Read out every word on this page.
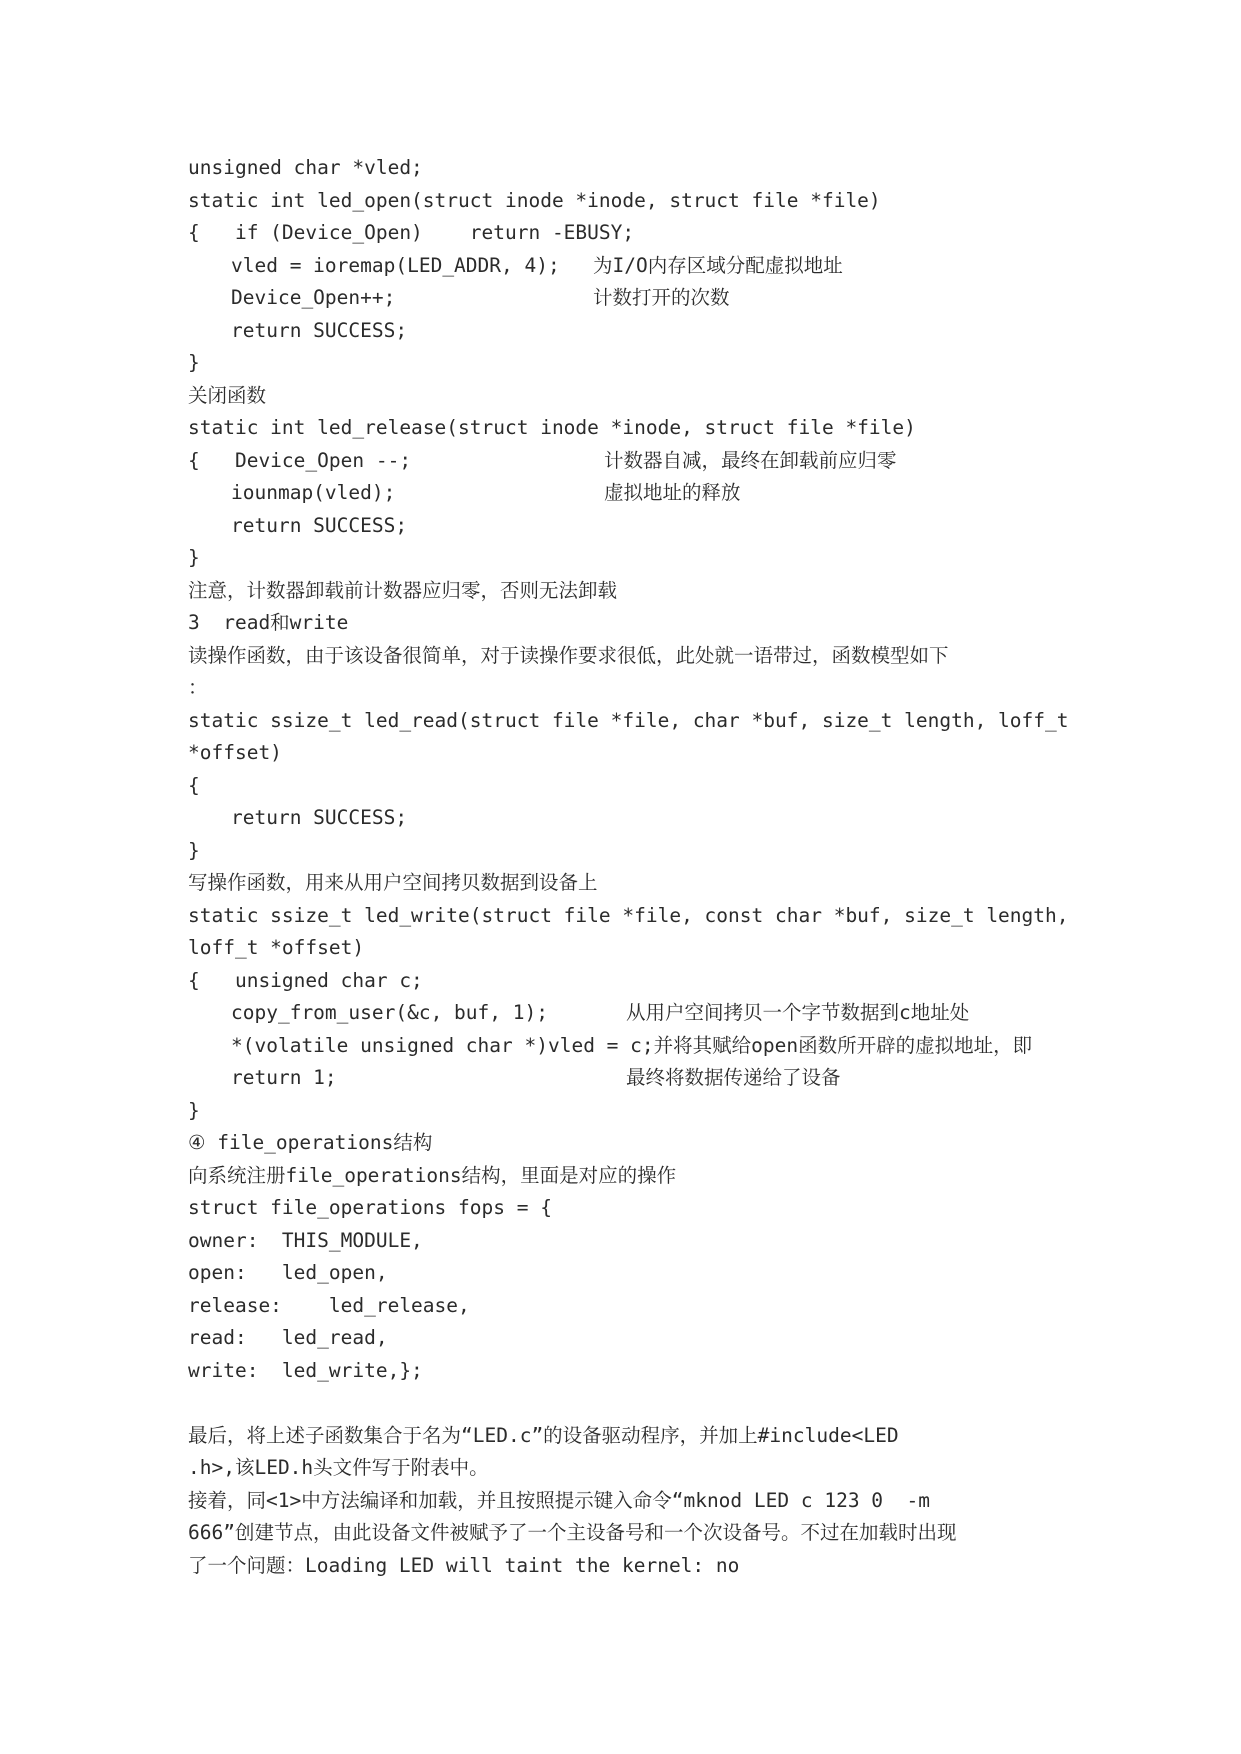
unsigned char *vled;
static int led_open(struct inode *inode, struct file *file)
{   if (Device_Open)    return -EBUSY;
vled = ioremap(LED_ADDR, 4); 为I/O内存区域分配虚拟地址
Device_Open++;	计数打开的次数
return SUCCESS;
}
关闭函数
static int led_release(struct inode *inode, struct file *file)
{   Device_Open --;	计数器自减，最终在卸载前应归零
iounmap(vled);	虚拟地址的释放
return SUCCESS;
}
注意，计数器卸载前计数器应归零，否则无法卸载
3  read和write
读操作函数，由于该设备很简单，对于读操作要求很低，此处就一语带过，函数模型如下
：
static ssize_t led_read(struct file *file, char *buf, size_t length, loff_t
*offset)
{
return SUCCESS;
}
写操作函数，用来从用户空间拷贝数据到设备上
static ssize_t led_write(struct file *file, const char *buf, size_t length,
loff_t *offset)
{   unsigned char c;
copy_from_user(&c, buf, 1);	从用户空间拷贝一个字节数据到c地址处
*(volatile unsigned char *)vled = c;并将其赋给open函数所开辟的虚拟地址，即
return 1;	最终将数据传递给了设备
}
④ file_operations结构
向系统注册file_operations结构，里面是对应的操作
struct file_operations fops = {
owner:  THIS_MODULE,
open:   led_open,
release:    led_release,
read:   led_read,
write:  led_write,};
最后，将上述子函数集合于名为“LED.c”的设备驱动程序，并加上#include<LED
.h>,该LED.h头文件写于附表中。
接着，同<1>中方法编译和加载，并且按照提示键入命令“mknod LED c 123 0  -m
666”创建节点，由此设备文件被赋予了一个主设备号和一个次设备号。不过在加载时出现
了一个问题：Loading LED will taint the kernel: no
